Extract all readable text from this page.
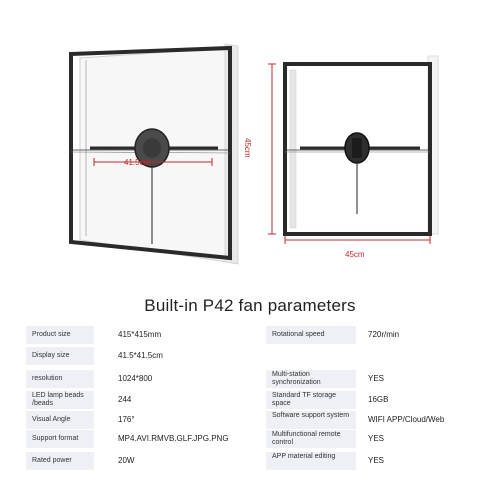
41.5cm
45cm
45cm
Built-in P42 fan parameters
Product size	415*415mm	Rotational speed	720r/min
Display size	41.5*41.5cm
resolution	1024*800	Multi-station synchronization	YES
LED lamp beads /beads	244	Standard TF storage space	16GB
Visual Angle	176°	Software support system	WIFI APP/Cloud/Web
Support format	MP4.AVI.RMVB.GLF.JPG.PNG	Multifunctional remote control	YES
Rated power	20W	APP material editing	YES
